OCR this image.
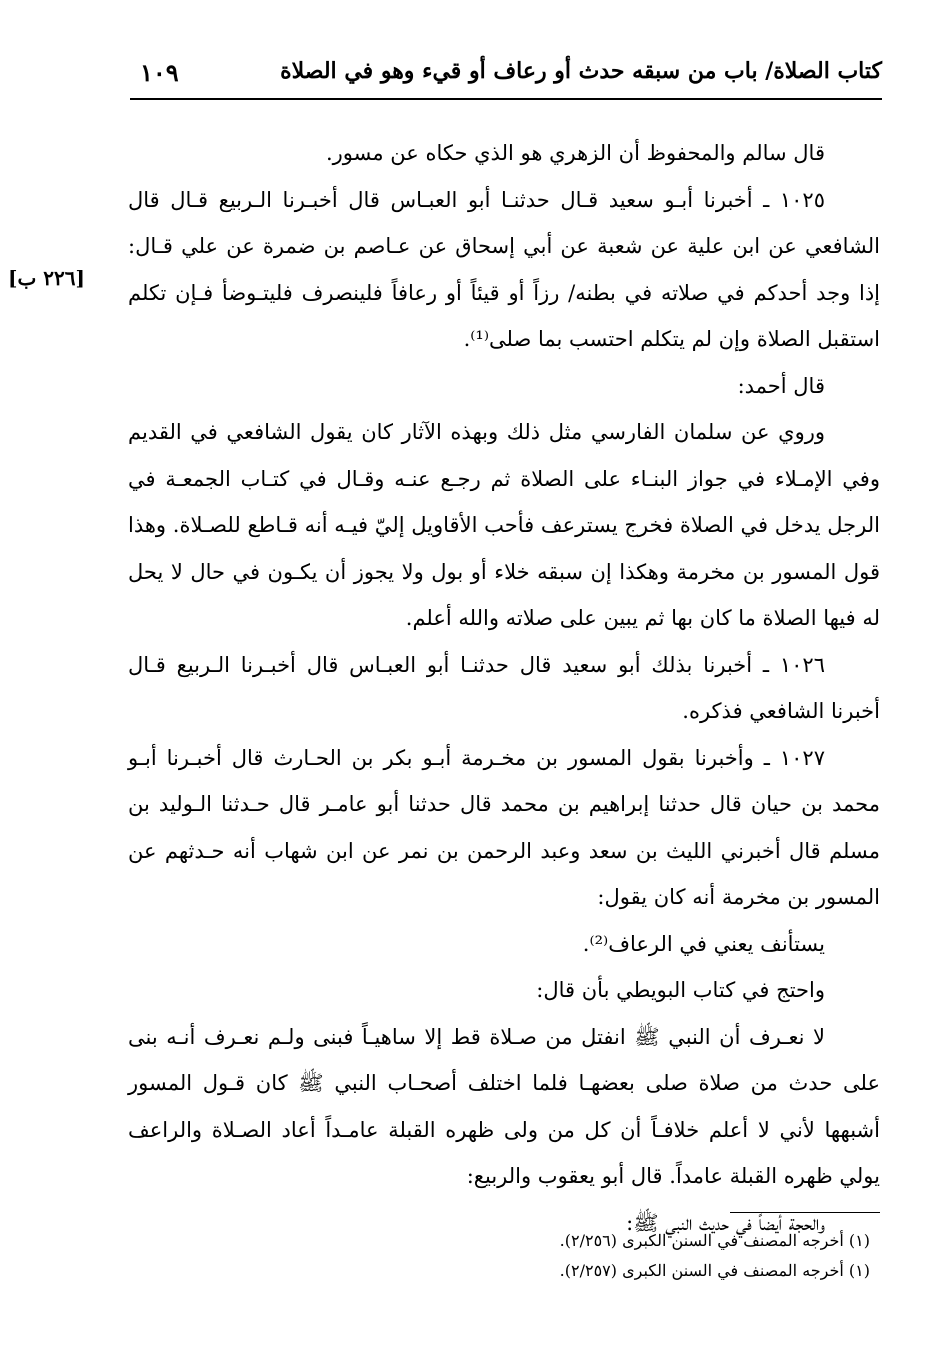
كتاب الصلاة/ باب من سبقه حدث أو رعاف أو قيء وهو في الصلاة
١٠٩
[٢٢٦ ب]

قال سالم والمحفوظ أن الزهري هو الذي حكاه عن مسور.

١٠٢٥ ـ أخبرنا أبـو سعيد قـال حدثنـا أبو العبـاس قال أخبـرنا الـربيع قـال قال الشافعي عن ابن علية عن شعبة عن أبي إسحاق عن عـاصم بن ضمرة عن علي قـال: إذا وجد أحدكم في صلاته في بطنه/ رزاً أو قيئاً أو رعافاً فلينصرف فليتـوضأ فـإن تكلم استقبل الصلاة وإن لم يتكلم احتسب بما صلى⁽¹⁾.

قال أحمد:

وروي عن سلمان الفارسي مثل ذلك وبهذه الآثار كان يقول الشافعي في القديم وفي الإمـلاء في جواز البنـاء على الصلاة ثم رجـع عنـه وقـال في كتـاب الجمعـة في الرجل يدخل في الصلاة فخرج يسترعف فأحب الأقاويل إليّ فيـه أنه قـاطع للصـلاة. وهذا قول المسور بن مخرمة وهكذا إن سبقه خلاء أو بول ولا يجوز أن يكـون في حال لا يحل له فيها الصلاة ما كان بها ثم يبين على صلاته والله أعلم.

١٠٢٦ ـ أخبرنا بذلك أبو سعيد قال حدثنـا أبو العبـاس قال أخبـرنا الـربيع قـال أخبرنا الشافعي فذكره.

١٠٢٧ ـ وأخبرنا بقول المسور بن مخـرمة أبـو بكر بن الحـارث قال أخبـرنا أبـو محمد بن حيان قال حدثنا إبراهيم بن محمد قال حدثنا أبو عامـر قال حـدثنا الـوليد بن مسلم قال أخبرني الليث بن سعد وعبد الرحمن بن نمر عن ابن شهاب أنه حـدثهم عن المسور بن مخرمة أنه كان يقول:

يستأنف يعني في الرعاف⁽²⁾.

واحتج في كتاب البويطي بأن قال:

لا نعـرف أن النبي ﷺ انفتل من صـلاة قط إلا ساهيـاً فبنى ولـم نعـرف أنـه بنى على حدث من صلاة صلى بعضهـا فلما اختلف أصحـاب النبي ﷺ كان قـول المسور أشبهها لأني لا أعلم خلافـاً أن كل من ولى ظهره القبلة عامـداً أعاد الصـلاة والراعف يولي ظهره القبلة عامداً. قال أبو يعقوب والربيع:

والحجة أيضاً في حديث النبي ﷺ:

(١) أخرجه المصنف في السنن الكبرى (٢/٢٥٦).

(١) أخرجه المصنف في السنن الكبرى (٢/٢٥٧).
